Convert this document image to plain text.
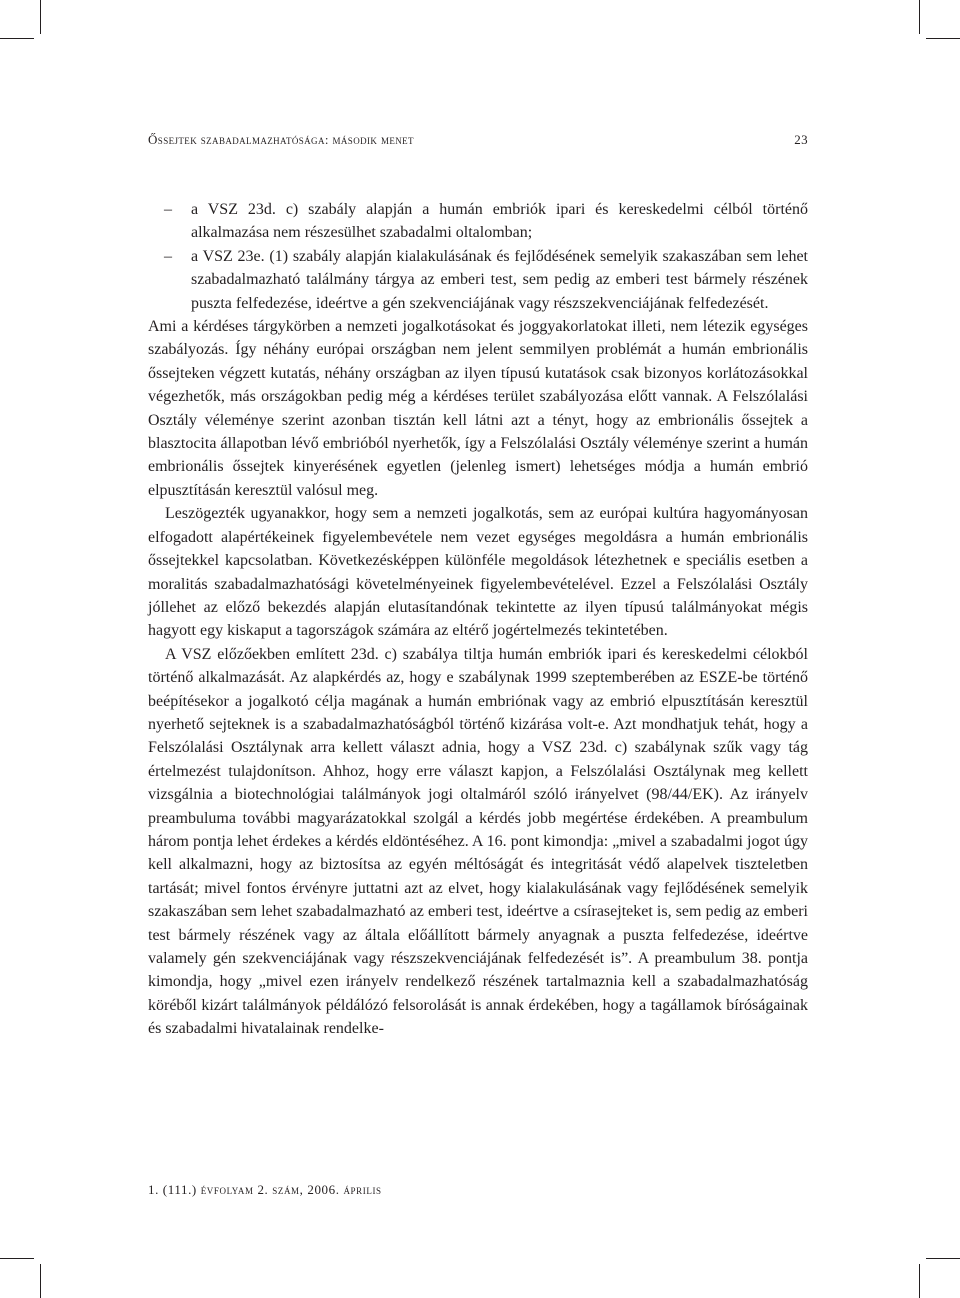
Őssejtek szabadalmazhatósága: második menet	23
– a VSZ 23d. c) szabály alapján a humán embriók ipari és kereskedelmi célból történő alkalmazása nem részesülhet szabadalmi oltalomban;
– a VSZ 23e. (1) szabály alapján kialakulásának és fejlődésének semelyik szakaszában sem lehet szabadalmazható találmány tárgya az emberi test, sem pedig az emberi test bármely részének puszta felfedezése, ideértve a gén szekvenciájának vagy részszekvenciájának felfedezését.

Ami a kérdéses tárgykörben a nemzeti jogalkotásokat és joggyakorlatokat illeti, nem létezik egységes szabályozás. Így néhány európai országban nem jelent semmilyen problémát a humán embrionális őssejteken végzett kutatás, néhány országban az ilyen típusú kutatások csak bizonyos korlátozásokkal végezhetők, más országokban pedig még a kérdéses terület szabályozása előtt vannak. A Felszólalási Osztály véleménye szerint azonban tisztán kell látni azt a tényt, hogy az embrionális őssejtek a blasztocita állapotban lévő embrióból nyerhetők, így a Felszólalási Osztály véleménye szerint a humán embrionális őssejtek kinyerésének egyetlen (jelenleg ismert) lehetséges módja a humán embrió elpusztításán keresztül valósul meg.

Leszögezték ugyanakkor, hogy sem a nemzeti jogalkotás, sem az európai kultúra hagyományosan elfogadott alapértékeinek figyelembevétele nem vezet egységes megoldásra a humán embrionális őssejtekkel kapcsolatban. Következésképpen különféle megoldások létezhetnek e speciális esetben a moralitás szabadalmazhatósági követelményeinek figyelembevételével. Ezzel a Felszólalási Osztály jóllehet az előző bekezdés alapján elutasítandónak tekintette az ilyen típusú találmányokat mégis hagyott egy kiskaput a tagországok számára az eltérő jogértelmezés tekintetében.

A VSZ előzőekben említett 23d. c) szabálya tiltja humán embriók ipari és kereskedelmi célokból történő alkalmazását. Az alapkérdés az, hogy e szabálynak 1999 szeptemberében az ESZE-be történő beépítésekor a jogalkotó célja magának a humán embriónak vagy az embrió elpusztításán keresztül nyerhető sejteknek is a szabadalmazhatóságból történő kizárása volt-e. Azt mondhatjuk tehát, hogy a Felszólalási Osztálynak arra kellett választ adnia, hogy a VSZ 23d. c) szabálynak szűk vagy tág értelmezést tulajdonítson. Ahhoz, hogy erre választ kapjon, a Felszólalási Osztálynak meg kellett vizsgálnia a biotechnológiai találmányok jogi oltalmáról szóló irányelvet (98/44/EK). Az irányelv preambuluma további magyarázatokkal szolgál a kérdés jobb megértése érdekében. A preambulum három pontja lehet érdekes a kérdés eldöntéséhez. A 16. pont kimondja: „mivel a szabadalmi jogot úgy kell alkalmazni, hogy az biztosítsa az egyén méltóságát és integritását védő alapelvek tiszteletben tartását; mivel fontos érvényre juttatni azt az elvet, hogy kialakulásának vagy fejlődésének semelyik szakaszában sem lehet szabadalmazható az emberi test, ideértve a csírasejteket is, sem pedig az emberi test bármely részének vagy az általa előállított bármely anyagnak a puszta felfedezése, ideértve valamely gén szekvenciájának vagy részszekvenciájának felfedezését is”. A preambulum 38. pontja kimondja, hogy „mivel ezen irányelv rendelkező részének tartalmaznia kell a szabadalmazhatóság köréből kizárt találmányok példálózó felsorolását is annak érdekében, hogy a tagállamok bíróságainak és szabadalmi hivatalainak rendelke-

1. (111.) évfolyam 2. szám, 2006. április
